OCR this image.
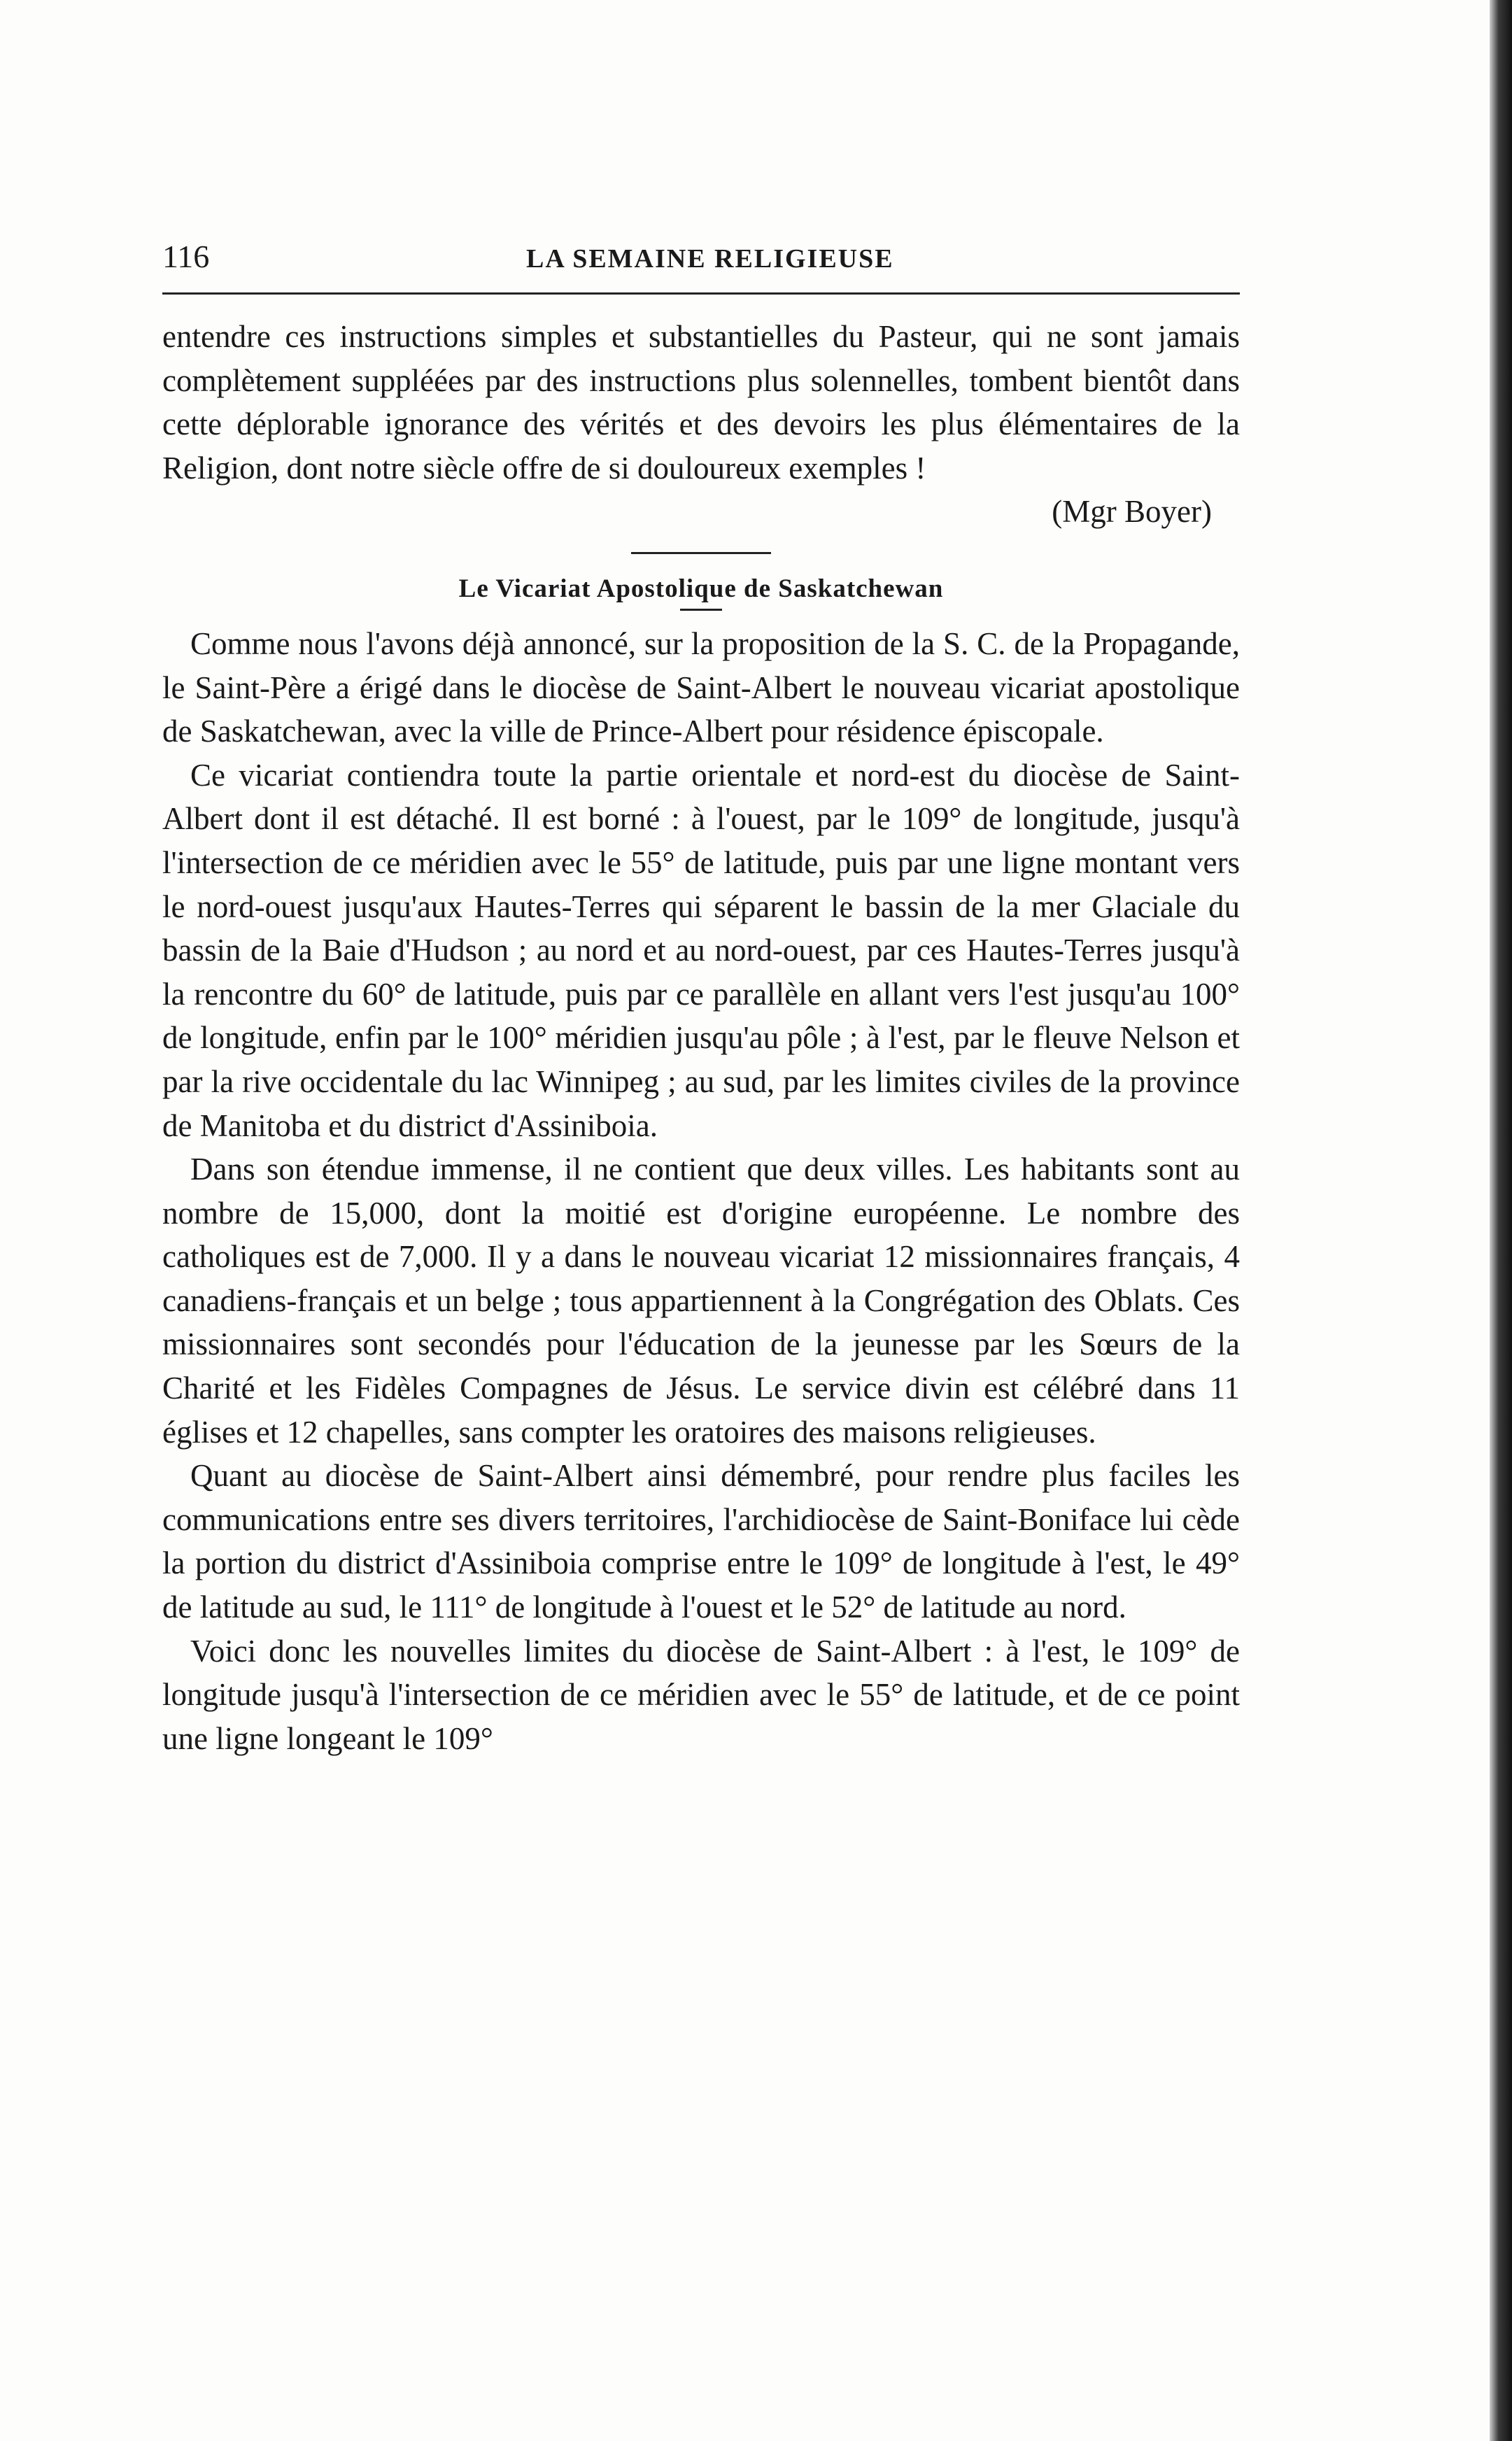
116	LA SEMAINE RELIGIEUSE

entendre ces instructions simples et substantielles du Pasteur, qui ne sont jamais complètement suppléées par des instructions plus solennelles, tombent bientôt dans cette déplorable ignorance des vérités et des devoirs les plus élémentaires de la Religion, dont notre siècle offre de si douloureux exemples !

(Mgr Boyer)

Le Vicariat Apostolique de Saskatchewan

Comme nous l'avons déjà annoncé, sur la proposition de la S. C. de la Propagande, le Saint-Père a érigé dans le diocèse de Saint-Albert le nouveau vicariat apostolique de Saskatchewan, avec la ville de Prince-Albert pour résidence épiscopale.

Ce vicariat contiendra toute la partie orientale et nord-est du diocèse de Saint-Albert dont il est détaché. Il est borné : à l'ouest, par le 109° de longitude, jusqu'à l'intersection de ce méridien avec le 55° de latitude, puis par une ligne montant vers le nord-ouest jusqu'aux Hautes-Terres qui séparent le bassin de la mer Glaciale du bassin de la Baie d'Hudson ; au nord et au nord-ouest, par ces Hautes-Terres jusqu'à la rencontre du 60° de latitude, puis par ce parallèle en allant vers l'est jusqu'au 100° de longitude, enfin par le 100° méridien jusqu'au pôle ; à l'est, par le fleuve Nelson et par la rive occidentale du lac Winnipeg ; au sud, par les limites civiles de la province de Manitoba et du district d'Assiniboia.

Dans son étendue immense, il ne contient que deux villes. Les habitants sont au nombre de 15,000, dont la moitié est d'origine européenne. Le nombre des catholiques est de 7,000. Il y a dans le nouveau vicariat 12 missionnaires français, 4 canadiens-français et un belge ; tous appartiennent à la Congrégation des Oblats. Ces missionnaires sont secondés pour l'éducation de la jeunesse par les Sœurs de la Charité et les Fidèles Compagnes de Jésus. Le service divin est célébré dans 11 églises et 12 chapelles, sans compter les oratoires des maisons religieuses.

Quant au diocèse de Saint-Albert ainsi démembré, pour rendre plus faciles les communications entre ses divers territoires, l'archidiocèse de Saint-Boniface lui cède la portion du district d'Assiniboia comprise entre le 109° de longitude à l'est, le 49° de latitude au sud, le 111° de longitude à l'ouest et le 52° de latitude au nord.

Voici donc les nouvelles limites du diocèse de Saint-Albert : à l'est, le 109° de longitude jusqu'à l'intersection de ce méridien avec le 55° de latitude, et de ce point une ligne longeant le 109°
